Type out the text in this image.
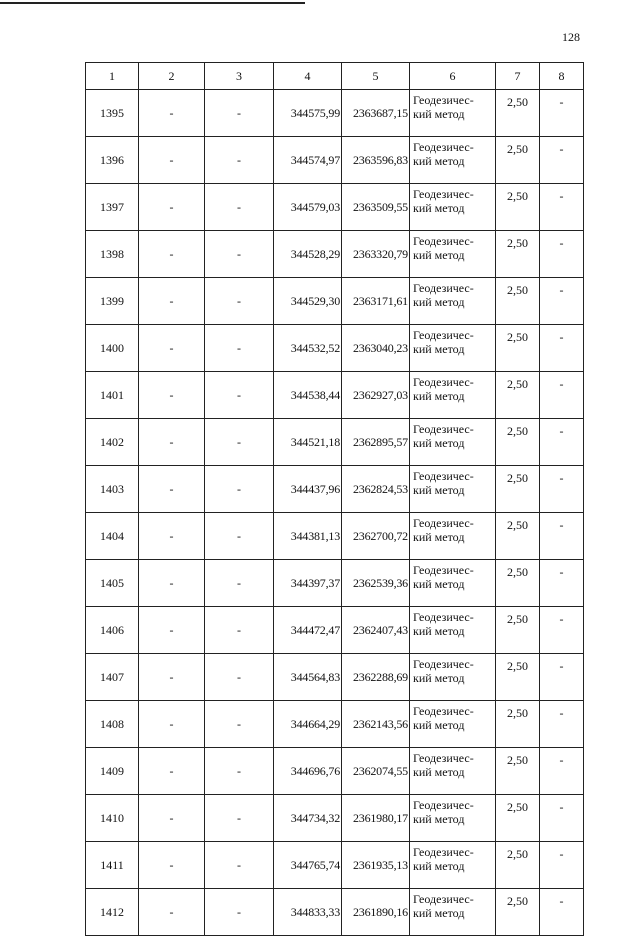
128
1	2	3	4	5	6	7	8
1395	-	-	344575,99	2363687,15	Геодезичес-
кий метод	2,50	-
1396	-	-	344574,97	2363596,83	Геодезичес-
кий метод	2,50	-
1397	-	-	344579,03	2363509,55	Геодезичес-
кий метод	2,50	-
1398	-	-	344528,29	2363320,79	Геодезичес-
кий метод	2,50	-
1399	-	-	344529,30	2363171,61	Геодезичес-
кий метод	2,50	-
1400	-	-	344532,52	2363040,23	Геодезичес-
кий метод	2,50	-
1401	-	-	344538,44	2362927,03	Геодезичес-
кий метод	2,50	-
1402	-	-	344521,18	2362895,57	Геодезичес-
кий метод	2,50	-
1403	-	-	344437,96	2362824,53	Геодезичес-
кий метод	2,50	-
1404	-	-	344381,13	2362700,72	Геодезичес-
кий метод	2,50	-
1405	-	-	344397,37	2362539,36	Геодезичес-
кий метод	2,50	-
1406	-	-	344472,47	2362407,43	Геодезичес-
кий метод	2,50	-
1407	-	-	344564,83	2362288,69	Геодезичес-
кий метод	2,50	-
1408	-	-	344664,29	2362143,56	Геодезичес-
кий метод	2,50	-
1409	-	-	344696,76	2362074,55	Геодезичес-
кий метод	2,50	-
1410	-	-	344734,32	2361980,17	Геодезичес-
кий метод	2,50	-
1411	-	-	344765,74	2361935,13	Геодезичес-
кий метод	2,50	-
1412	-	-	344833,33	2361890,16	Геодезичес-
кий метод	2,50	-
